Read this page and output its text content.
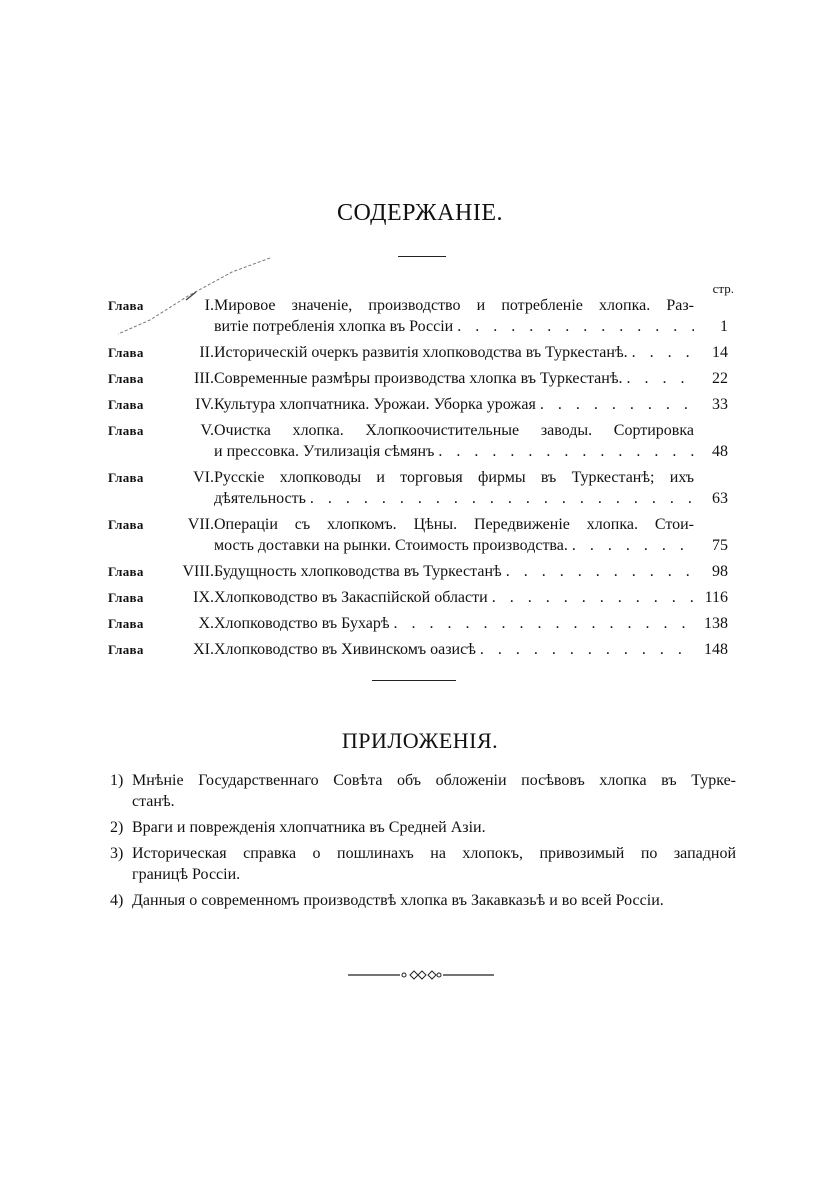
СОДЕРЖАНІЕ.
стр.
Глава	I. Мировое значеніе, производство и потребленіе хлопка. Раз-
витіе потребленія хлопка въ Россіи . . .	1
Глава	II. Историческій очеркъ развитія хлопководства въ Туркестанѣ. . . .	14
Глава	III. Современные размѣры производства хлопка въ Туркестанѣ. . . .	22
Глава	IV. Культура хлопчатника. Урожаи. Уборка урожая . . .	33
Глава	V. Очистка хлопка. Хлопкоочистительные заводы. Сортировка
и прессовка. Утилизація сѣмянъ . . .	48
Глава	VI. Русскіе хлопководы и торговыя фирмы въ Туркестанѣ; ихъ
дѣятельность . . .	63
Глава	VII. Операціи съ хлопкомъ. Цѣны. Передвиженіе хлопка. Стои-
мость доставки на рынки. Стоимость производства. . . .	75
Глава	VIII. Будущность хлопководства въ Туркестанѣ . . .	98
Глава	IX. Хлопководство въ Закаспійской области . . .	116
Глава	X. Хлопководство въ Бухарѣ . . .	138
Глава	XI. Хлопководство въ Хивинскомъ оазисѣ . . .	148
ПРИЛОЖЕНІЯ.
1) Мнѣніе Государственнаго Совѣта объ обложеніи посѣвовъ хлопка въ Турке-
станѣ.
2) Враги и поврежденія хлопчатника въ Средней Азіи.
3) Историческая справка о пошлинахъ на хлопокъ, привозимый по западной
границѣ Россіи.
4) Данныя о современномъ производствѣ хлопка въ Закавказьѣ и во всей Россіи.
